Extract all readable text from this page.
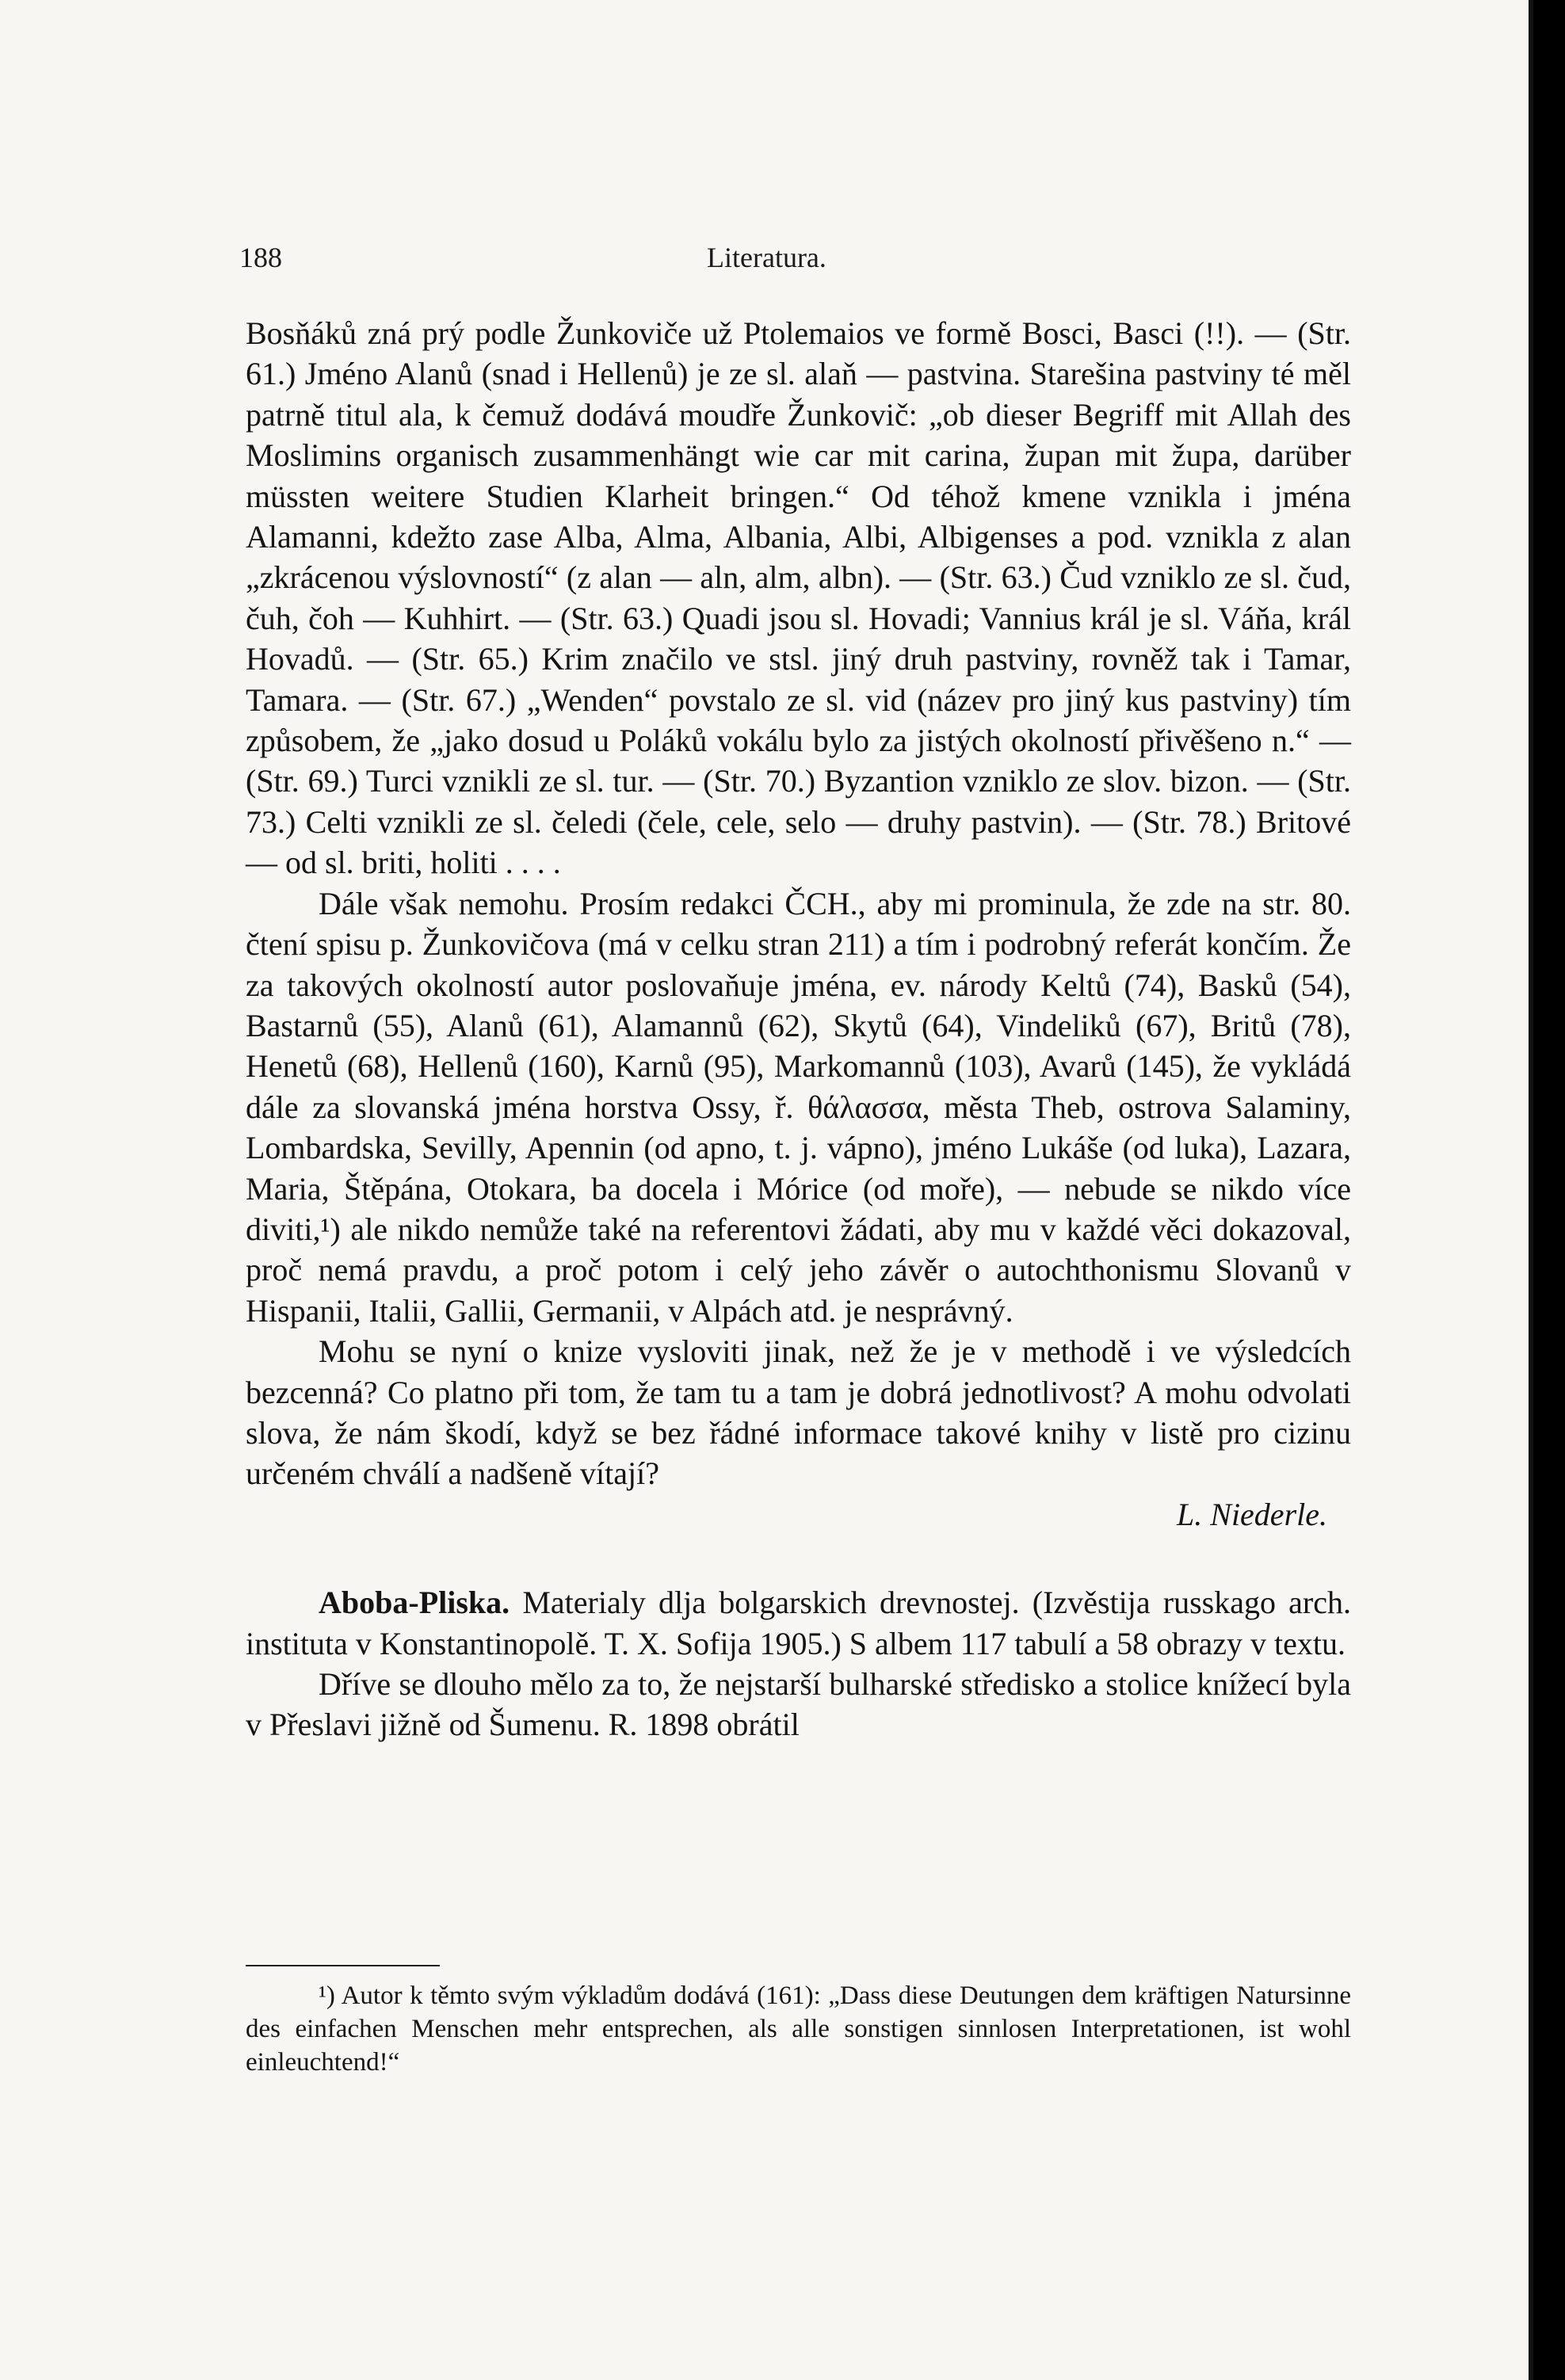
188	Literatura.

Bosňáků zná prý podle Žunkoviče už Ptolemaios ve formě Bosci, Basci (!!). — (Str. 61.) Jméno Alanů (snad i Hellenů) je ze sl. alaň — pastvina. Starešina pastviny té měl patrně titul ala, k čemuž dodává moudře Žunkovič: „ob dieser Begriff mit Allah des Moslimins organisch zusammenhängt wie car mit carina, župan mit župa, darüber müssten weitere Studien Klarheit bringen.“ Od téhož kmene vznikla i jména Alamanni, kdežto zase Alba, Alma, Albania, Albi, Albigenses a pod. vznikla z alan „zkrácenou výslovností“ (z alan — aln, alm, albn). — (Str. 63.) Čud vzniklo ze sl. čud, čuh, čoh — Kuhhirt. — (Str. 63.) Quadi jsou sl. Hovadi; Vannius král je sl. Váňa, král Hovadů. — (Str. 65.) Krim značilo ve stsl. jiný druh pastviny, rovněž tak i Tamar, Tamara. — (Str. 67.) „Wenden“ povstalo ze sl. vid (název pro jiný kus pastviny) tím způsobem, že „jako dosud u Poláků vokálu bylo za jistých okolností přivěšeno n.“ — (Str. 69.) Turci vznikli ze sl. tur. — (Str. 70.) Byzantion vzniklo ze slov. bizon. — (Str. 73.) Celti vznikli ze sl. čeledi (čele, cele, selo — druhy pastvin). — (Str. 78.) Britové — od sl. briti, holiti . . . .

Dále však nemohu. Prosím redakci ČCH., aby mi prominula, že zde na str. 80. čtení spisu p. Žunkovičova (má v celku stran 211) a tím i podrobný referát končím. Že za takových okolností autor poslovaňuje jména, ev. národy Keltů (74), Basků (54), Bastarnů (55), Alanů (61), Alamannů (62), Skytů (64), Vindeliků (67), Britů (78), Henetů (68), Hellenů (160), Karnů (95), Markomannů (103), Avarů (145), že vykládá dále za slovanská jména horstva Ossy, ř. θάλασσα, města Theb, ostrova Salaminy, Lombardska, Sevilly, Apennin (od apno, t. j. vápno), jméno Lukáše (od luka), Lazara, Maria, Štěpána, Otokara, ba docela i Mórice (od moře), — nebude se nikdo více diviti,¹) ale nikdo nemůže také na referentovi žádati, aby mu v každé věci dokazoval, proč nemá pravdu, a proč potom i celý jeho závěr o autochthonismu Slovanů v Hispanii, Italii, Gallii, Germanii, v Alpách atd. je nesprávný.

Mohu se nyní o knize vysloviti jinak, než že je v methodě i ve výsledcích bezcenná? Co platno při tom, že tam tu a tam je dobrá jednotlivost? A mohu odvolati slova, že nám škodí, když se bez řádné informace takové knihy v listě pro cizinu určeném chválí a nadšeně vítají?

L. Niederle.

Aboba-Pliska. Materialy dlja bolgarskich drevnostej. (Izvěstija russkago arch. instituta v Konstantinopolě. T. X. Sofija 1905.) S albem 117 tabulí a 58 obrazy v textu.

Dříve se dlouho mělo za to, že nejstarší bulharské středisko a stolice knížecí byla v Přeslavi jižně od Šumenu. R. 1898 obrátil

¹) Autor k těmto svým výkladům dodává (161): „Dass diese Deutungen dem kräftigen Natursinne des einfachen Menschen mehr entsprechen, als alle sonstigen sinnlosen Interpretationen, ist wohl einleuchtend!“
